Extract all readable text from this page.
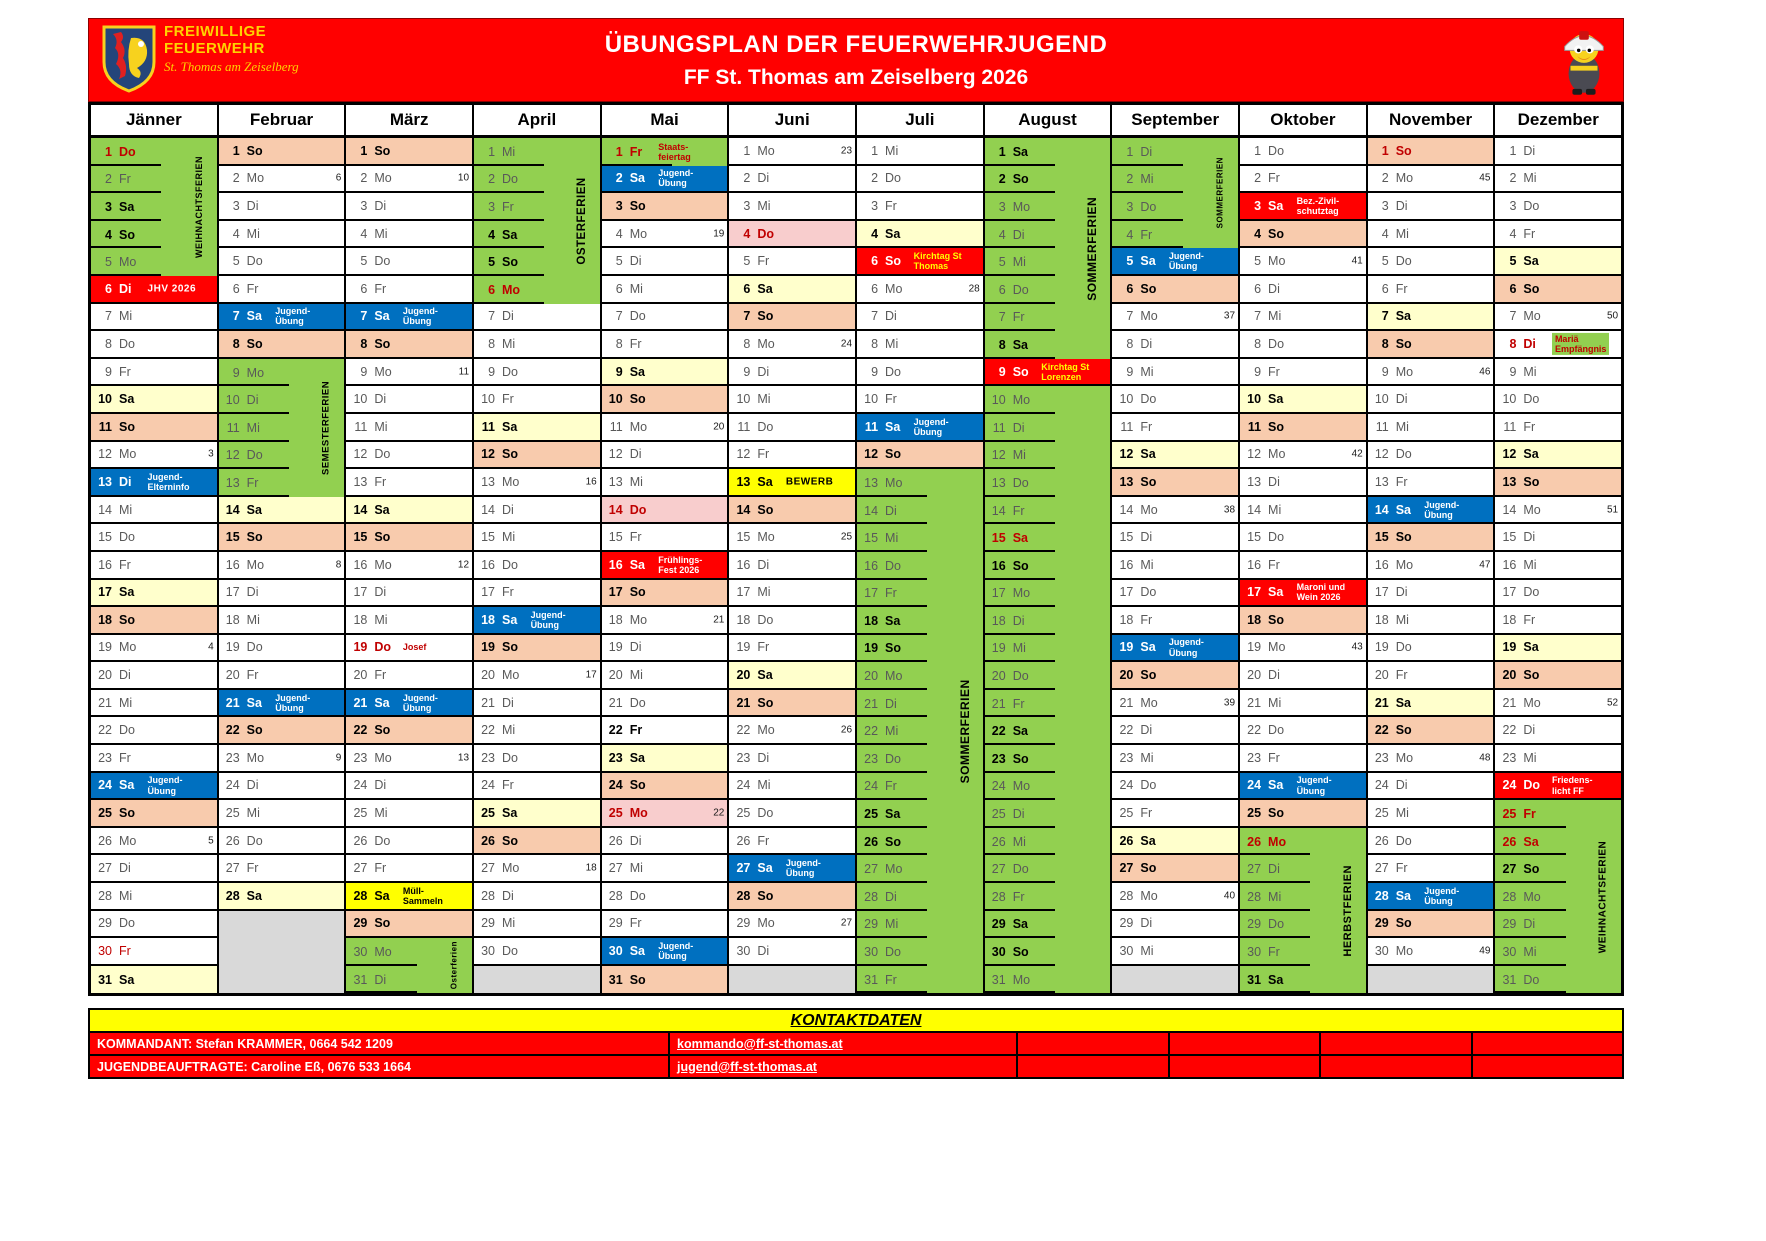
FREIWILLIGE
FEUERWEHR
St. Thomas am Zeiselberg
ÜBUNGSPLAN DER FEUERWEHRJUGEND
FF St. Thomas am Zeiselberg 2026
Jänner
1 Do
2 Fr
3 Sa
4 So
5 Mo
6 Di JHV 2026
7 Mi
8 Do
9 Fr
10 Sa
11 So
12 Mo	3
13 Di Jugend-
Elterninfo
14 Mi
15 Do
16 Fr
17 Sa
18 So
19 Mo	4
20 Di
21 Mi
22 Do
23 Fr
24 Sa Jugend-
Übung
25 So
26 Mo	5
27 Di
28 Mi
29 Do
30 Fr
31 Sa
WEIHNACHTSFERIEN
Februar
1 So
2 Mo	6
3 Di
4 Mi
5 Do
6 Fr
7 Sa Jugend-
Übung
8 So
9 Mo
10 Di
11 Mi
12 Do
13 Fr
14 Sa
15 So
16 Mo	8
17 Di
18 Mi
19 Do
20 Fr
21 Sa Jugend-
Übung
22 So
23 Mo	9
24 Di
25 Mi
26 Do
27 Fr
28 Sa
SEMESTERFERIEN
März
1 So
2 Mo	10
3 Di
4 Mi
5 Do
6 Fr
7 Sa Jugend-
Übung
8 So
9 Mo	11
10 Di
11 Mi
12 Do
13 Fr
14 Sa
15 So
16 Mo	12
17 Di
18 Mi
19 Do Josef
20 Fr
21 Sa Jugend-
Übung
22 So
23 Mo	13
24 Di
25 Mi
26 Do
27 Fr
28 Sa Müll-
Sammeln
29 So
30 Mo
31 Di	Osterferien
April
1 Mi
2 Do
3 Fr
4 Sa
5 So
6 Mo
7 Di
8 Mi
9 Do
10 Fr
11 Sa
12 So
13 Mo	16
14 Di
15 Mi
16 Do
17 Fr
18 Sa Jugend-
Übung
19 So
20 Mo	17
21 Di
22 Mi
23 Do
24 Fr
25 Sa
26 So
27 Mo	18
28 Di
29 Mi
30 Do
OSTERFERIEN
Mai
1 Fr Staats-
feiertag
2 Sa Jugend-
Übung
3 So
4 Mo	19
5 Di
6 Mi
7 Do
8 Fr
9 Sa
10 So
11 Mo	20
12 Di
13 Mi
14 Do
15 Fr
16 Sa Frühlings-
Fest 2026
17 So
18 Mo	21
19 Di
20 Mi
21 Do
22 Fr
23 Sa
24 So
25 Mo	22
26 Di
27 Mi
28 Do
29 Fr
30 Sa Jugend-
Übung
31 So
Juni
1 Mo	23
2 Di
3 Mi
4 Do
5 Fr
6 Sa
7 So
8 Mo	24
9 Di
10 Mi
11 Do
12 Fr
13 Sa BEWERB
14 So
15 Mo	25
16 Di
17 Mi
18 Do
19 Fr
20 Sa
21 So
22 Mo	26
23 Di
24 Mi
25 Do
26 Fr
27 Sa Jugend-
Übung
28 So
29 Mo	27
30 Di
Juli
1 Mi
2 Do
3 Fr
4 Sa
6 So Kirchtag St
Thomas
6 Mo	28
7 Di
8 Mi
9 Do
10 Fr
11 Sa Jugend-
Übung
12 So
13 Mo
14 Di
15 Mi
16 Do
17 Fr
18 Sa
19 So
20 Mo
21 Di
22 Mi
23 Do
24 Fr
25 Sa
26 So
27 Mo
28 Di
29 Mi
30 Do
31 Fr
SOMMERFERIEN
August
1 Sa
2 So
3 Mo
4 Di
5 Mi
6 Do
7 Fr
8 Sa
9 So Kirchtag St
Lorenzen
10 Mo
11 Di
12 Mi
13 Do
14 Fr
15 Sa
16 So
17 Mo
18 Di
19 Mi
20 Do
21 Fr
22 Sa
23 So
24 Mo
25 Di
26 Mi
27 Do
28 Fr
29 Sa
30 So
31 Mo
SOMMERFERIEN
September
1 Di
2 Mi
3 Do
4 Fr
5 Sa Jugend-
Übung
6 So
7 Mo	37
8 Di
9 Mi
10 Do
11 Fr
12 Sa
13 So
14 Mo	38
15 Di
16 Mi
17 Do
18 Fr
19 Sa Jugend-
Übung
20 So
21 Mo	39
22 Di
23 Mi
24 Do
25 Fr
26 Sa
27 So
28 Mo	40
29 Di
30 Mi
SOMMERFERIEN
Oktober
1 Do
2 Fr
3 Sa Bez.-Zivil-
schutztag
4 So
5 Mo	41
6 Di
7 Mi
8 Do
9 Fr
10 Sa
11 So
12 Mo	42
13 Di
14 Mi
15 Do
16 Fr
17 Sa Maroni und
Wein 2026
18 So
19 Mo	43
20 Di
21 Mi
22 Do
23 Fr
24 Sa Jugend-
Übung
25 So
26 Mo
27 Di
28 Mi
29 Do
30 Fr
31 Sa
HERBSTFERIEN
November
1 So
2 Mo	45
3 Di
4 Mi
5 Do
6 Fr
7 Sa
8 So
9 Mo	46
10 Di
11 Mi
12 Do
13 Fr
14 Sa Jugend-
Übung
15 So
16 Mo	47
17 Di
18 Mi
19 Do
20 Fr
21 Sa
22 So
23 Mo	48
24 Di
25 Mi
26 Do
27 Fr
28 Sa Jugend-
Übung
29 So
30 Mo	49
Dezember
1 Di
2 Mi
3 Do
4 Fr
5 Sa
6 So
7 Mo	50
8 Di	Mariä
Empfängnis
9 Mi
10 Do
11 Fr
12 Sa
13 So
14 Mo	51
15 Di
16 Mi
17 Do
18 Fr
19 Sa
20 So
21 Mo	52
22 Di
23 Mi
24 Do Friedens-
licht FF
25 Fr
26 Sa
27 So
28 Mo
29 Di
30 Mi
31 Do
WEIHNACHTSFERIEN
KONTAKTDATEN
KOMMANDANT: Stefan KRAMMER, 0664 542 1209	kommando@ff-st-thomas.at
JUGENDBEAUFTRAGTE: Caroline Eß, 0676 533 1664	jugend@ff-st-thomas.at
